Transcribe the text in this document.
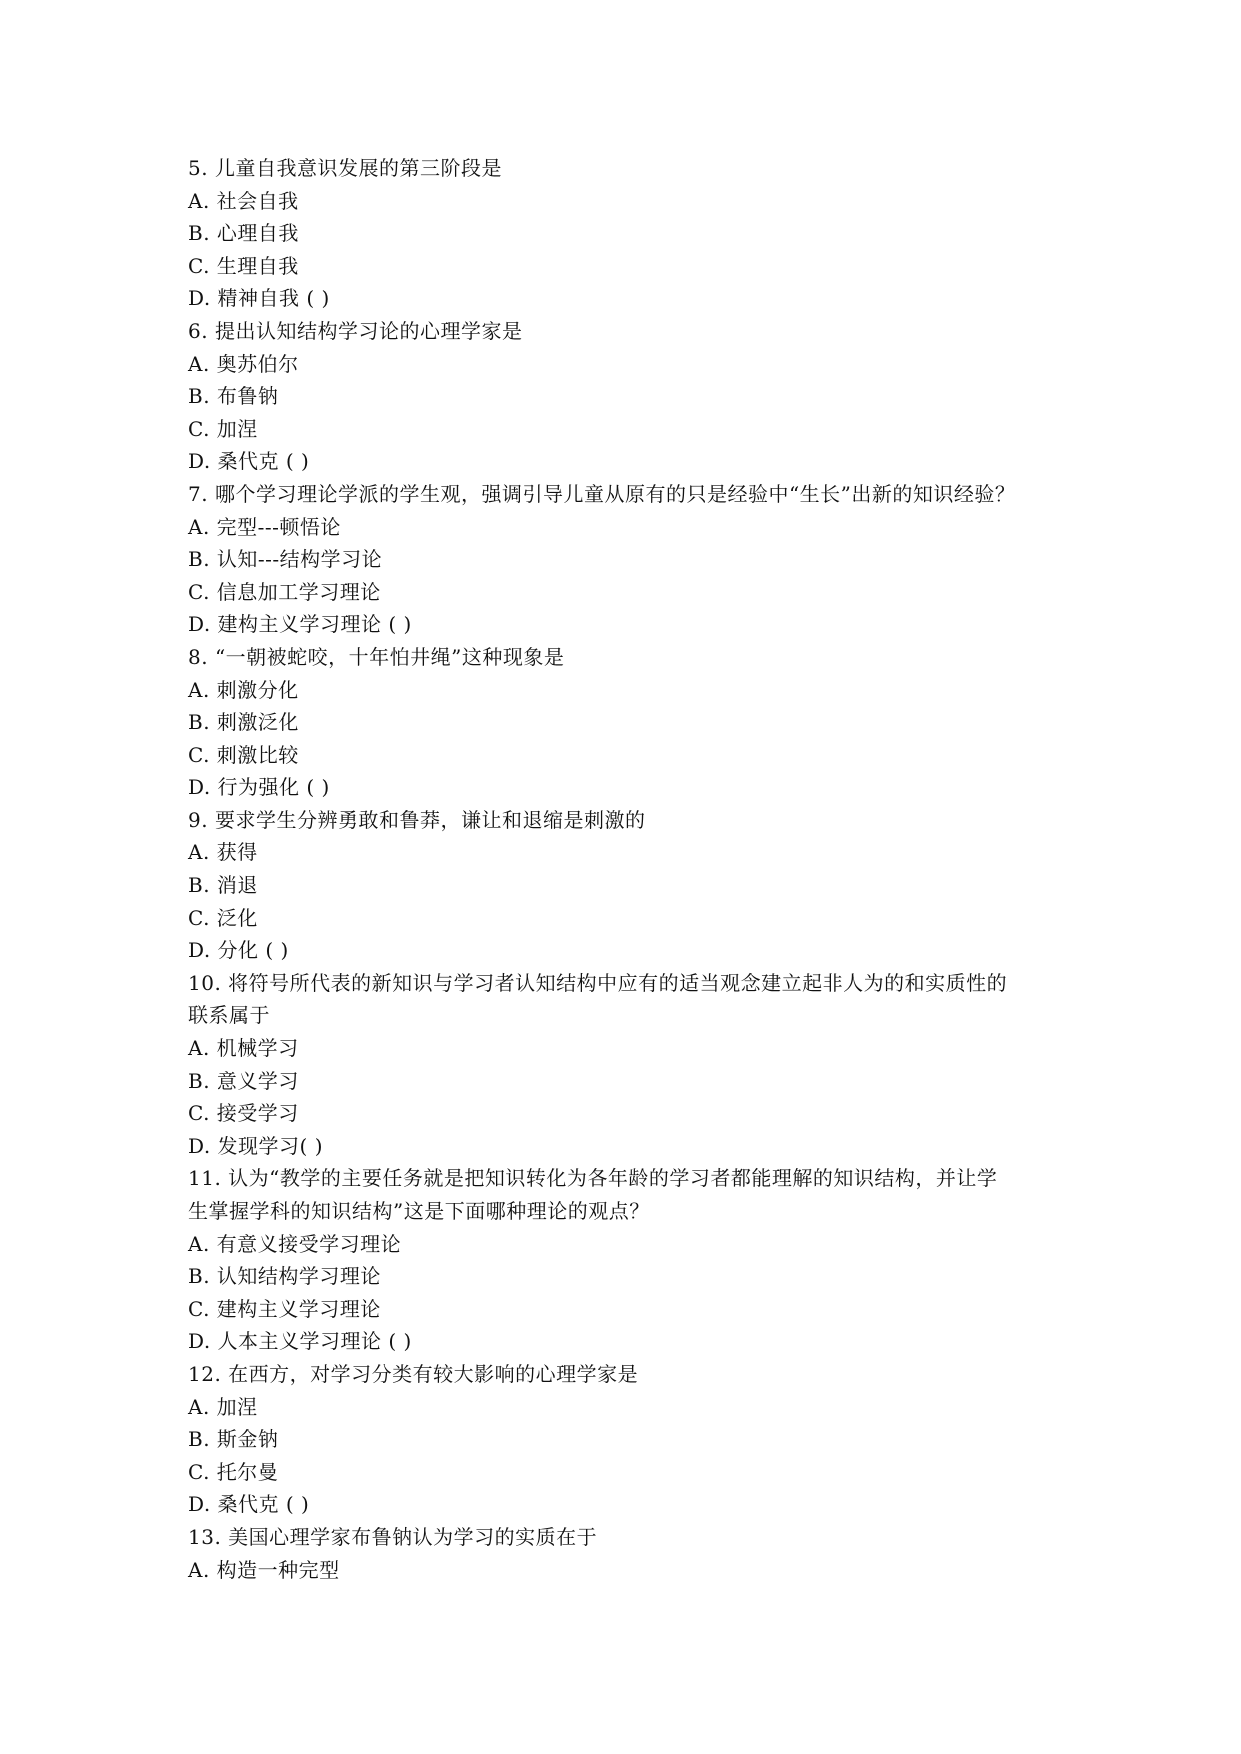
5. 儿童自我意识发展的第三阶段是
A. 社会自我
B. 心理自我
C. 生理自我
D. 精神自我 ( )
6. 提出认知结构学习论的心理学家是
A. 奥苏伯尔
B. 布鲁钠
C. 加涅
D. 桑代克 ( )
7. 哪个学习理论学派的学生观，强调引导儿童从原有的只是经验中“生长”出新的知识经验？
A. 完型---顿悟论
B. 认知---结构学习论
C. 信息加工学习理论
D. 建构主义学习理论 ( )
8. “一朝被蛇咬，十年怕井绳”这种现象是
A. 刺激分化
B. 刺激泛化
C. 刺激比较
D. 行为强化 ( )
9. 要求学生分辨勇敢和鲁莽，谦让和退缩是刺激的
A. 获得
B. 消退
C. 泛化
D. 分化 ( )
10. 将符号所代表的新知识与学习者认知结构中应有的适当观念建立起非人为的和实质性的
联系属于
A. 机械学习
B. 意义学习
C. 接受学习
D. 发现学习( )
11. 认为“教学的主要任务就是把知识转化为各年龄的学习者都能理解的知识结构，并让学
生掌握学科的知识结构”这是下面哪种理论的观点？
A. 有意义接受学习理论
B. 认知结构学习理论
C. 建构主义学习理论
D. 人本主义学习理论 ( )
12. 在西方，对学习分类有较大影响的心理学家是
A. 加涅
B. 斯金钠
C. 托尔曼
D. 桑代克 ( )
13. 美国心理学家布鲁钠认为学习的实质在于
A. 构造一种完型
